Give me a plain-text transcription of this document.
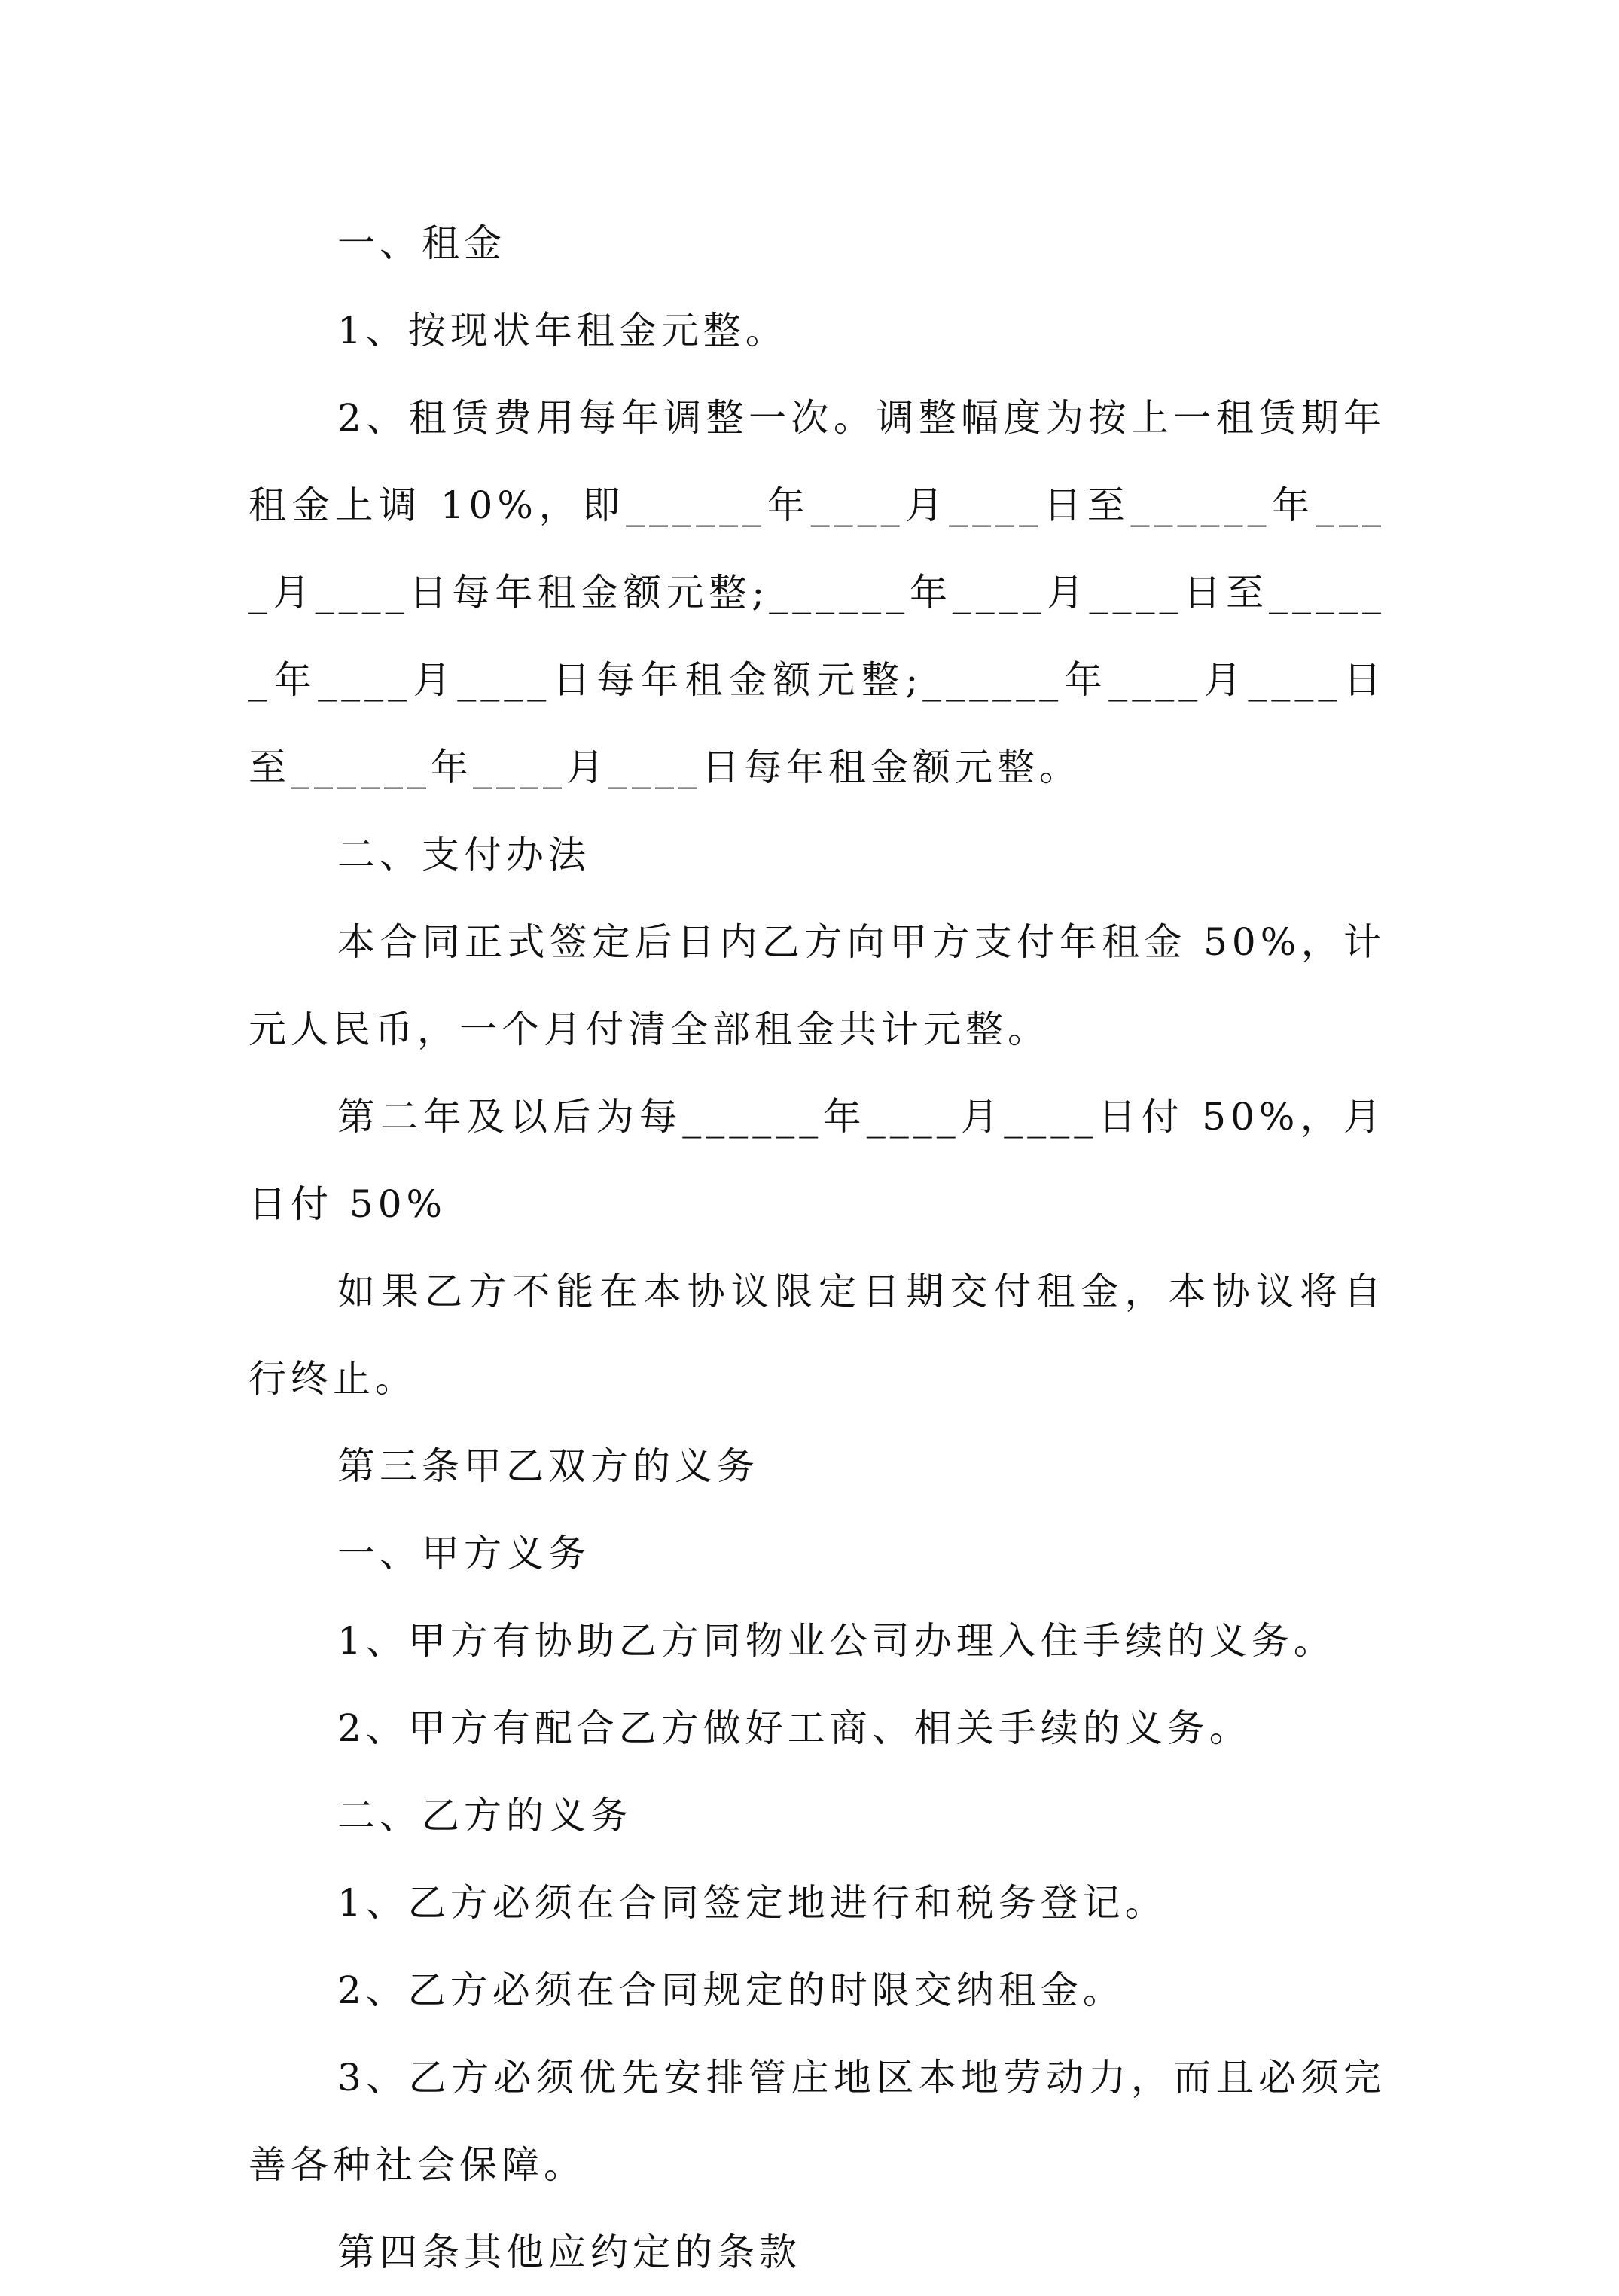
一、租金

1、按现状年租金元整。

2、租赁费用每年调整一次。调整幅度为按上一租赁期年租金上调 10%，即______年____月____日至______年____月____日每年租金额元整;______年____月____日至______年____月____日每年租金额元整;______年____月____日至______年____月____日每年租金额元整。

二、支付办法

本合同正式签定后日内乙方向甲方支付年租金 50%，计元人民币，一个月付清全部租金共计元整。

第二年及以后为每______年____月____日付 50%，月日付 50%

如果乙方不能在本协议限定日期交付租金，本协议将自行终止。

第三条甲乙双方的义务

一、甲方义务

1、甲方有协助乙方同物业公司办理入住手续的义务。

2、甲方有配合乙方做好工商、相关手续的义务。

二、乙方的义务

1、乙方必须在合同签定地进行和税务登记。

2、乙方必须在合同规定的时限交纳租金。

3、乙方必须优先安排管庄地区本地劳动力，而且必须完善各种社会保障。

第四条其他应约定的条款
